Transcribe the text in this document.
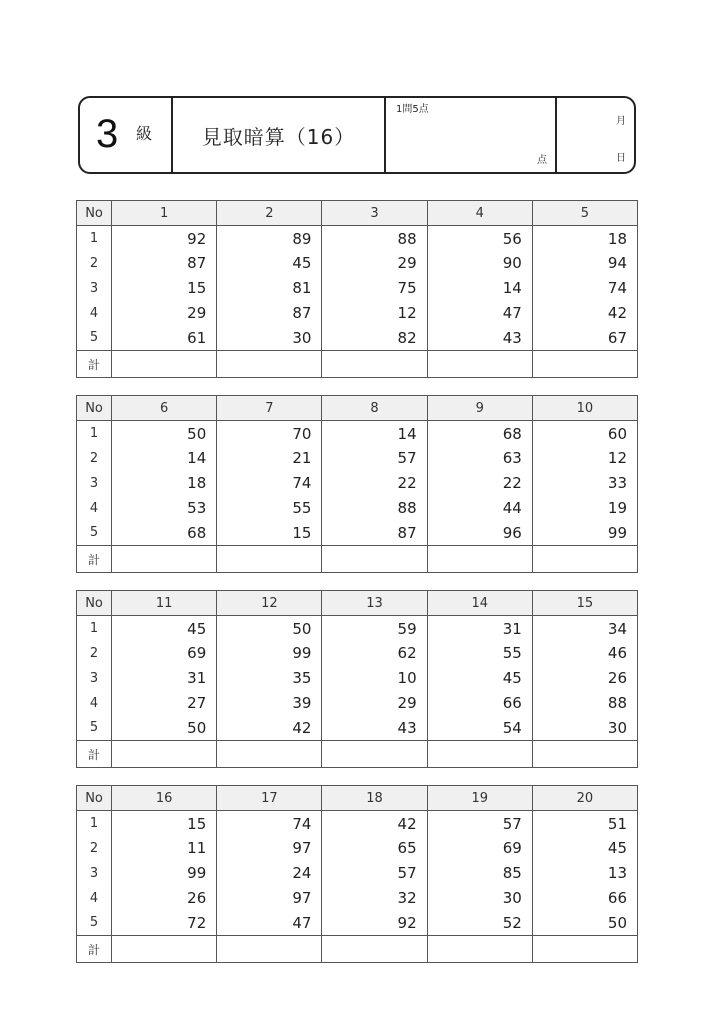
3 級	見取暗算（16）
1問5点
点
月
日
No	1	2	3	4	5
1	92	89	88	56	18
2	87	45	29	90	94
3	15	81	75	14	74
4	29	87	12	47	42
5	61	30	82	43	67
計					
No	6	7	8	9	10
1	50	70	14	68	60
2	14	21	57	63	12
3	18	74	22	22	33
4	53	55	88	44	19
5	68	15	87	96	99
計					
No	11	12	13	14	15
1	45	50	59	31	34
2	69	99	62	55	46
3	31	35	10	45	26
4	27	39	29	66	88
5	50	42	43	54	30
計					
No	16	17	18	19	20
1	15	74	42	57	51
2	11	97	65	69	45
3	99	24	57	85	13
4	26	97	32	30	66
5	72	47	92	52	50
計					
